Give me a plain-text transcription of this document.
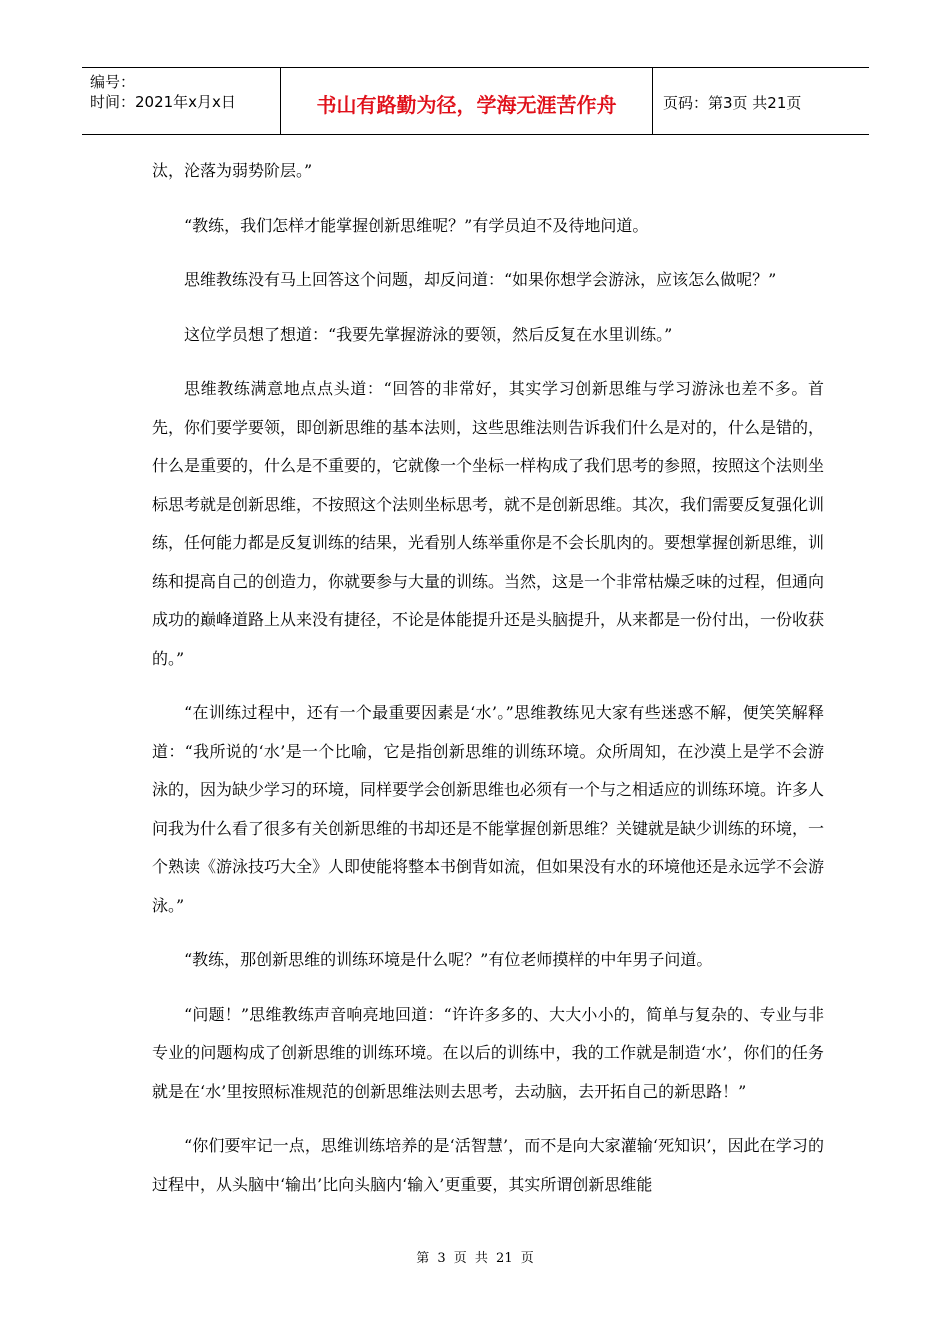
编号：
时间：2021年x月x日	书山有路勤为径，学海无涯苦作舟	页码：第3页 共21页

汰，沦落为弱势阶层。”

“教练，我们怎样才能掌握创新思维呢？”有学员迫不及待地问道。

思维教练没有马上回答这个问题，却反问道：“如果你想学会游泳，应该怎么做呢？”

这位学员想了想道：“我要先掌握游泳的要领，然后反复在水里训练。”

思维教练满意地点点头道：“回答的非常好，其实学习创新思维与学习游泳也差不多。首先，你们要学要领，即创新思维的基本法则，这些思维法则告诉我们什么是对的，什么是错的，什么是重要的，什么是不重要的，它就像一个坐标一样构成了我们思考的参照，按照这个法则坐标思考就是创新思维，不按照这个法则坐标思考，就不是创新思维。其次，我们需要反复强化训练，任何能力都是反复训练的结果，光看别人练举重你是不会长肌肉的。要想掌握创新思维，训练和提高自己的创造力，你就要参与大量的训练。当然，这是一个非常枯燥乏味的过程，但通向成功的巅峰道路上从来没有捷径，不论是体能提升还是头脑提升，从来都是一份付出，一份收获的。”

“在训练过程中，还有一个最重要因素是‘水’。”思维教练见大家有些迷惑不解，便笑笑解释道：“我所说的‘水’是一个比喻，它是指创新思维的训练环境。众所周知，在沙漠上是学不会游泳的，因为缺少学习的环境，同样要学会创新思维也必须有一个与之相适应的训练环境。许多人问我为什么看了很多有关创新思维的书却还是不能掌握创新思维？关键就是缺少训练的环境，一个熟读《游泳技巧大全》人即使能将整本书倒背如流，但如果没有水的环境他还是永远学不会游泳。”

“教练，那创新思维的训练环境是什么呢？”有位老师摸样的中年男子问道。

“问题！”思维教练声音响亮地回道：“许许多多的、大大小小的，简单与复杂的、专业与非专业的问题构成了创新思维的训练环境。在以后的训练中，我的工作就是制造‘水’，你们的任务就是在‘水’里按照标准规范的创新思维法则去思考，去动脑，去开拓自己的新思路！”

“你们要牢记一点，思维训练培养的是‘活智慧’，而不是向大家灌输‘死知识’，因此在学习的过程中，从头脑中‘输出’比向头脑内‘输入’更重要，其实所谓创新思维能

第 3 页 共 21 页
